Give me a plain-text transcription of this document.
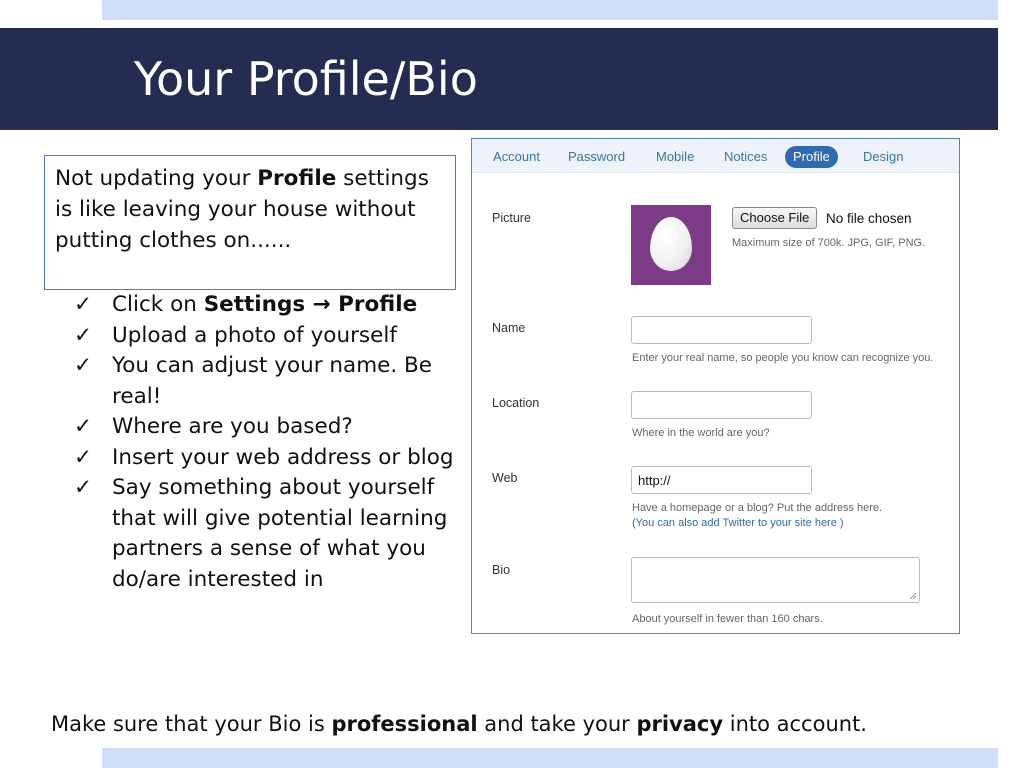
Your Profile/Bio
Not updating your Profile settings is like leaving your house without putting clothes on......
✓ Click on Settings → Profile
✓ Upload a photo of yourself
✓ You can adjust your name. Be real!
✓ Where are you based?
✓ Insert your web address or blog
✓ Say something about yourself that will give potential learning partners a sense of what you do/are interested in
Account	Password	Mobile	Notices	Profile	Design
Picture	Choose File	No file chosen
Maximum size of 700k. JPG, GIF, PNG.
Name
Enter your real name, so people you know can recognize you.
Location
Where in the world are you?
Web
http://
Have a homepage or a blog? Put the address here.
(You can also add Twitter to your site here )
Bio
About yourself in fewer than 160 chars.
Make sure that your Bio is professional and take your privacy into account.
